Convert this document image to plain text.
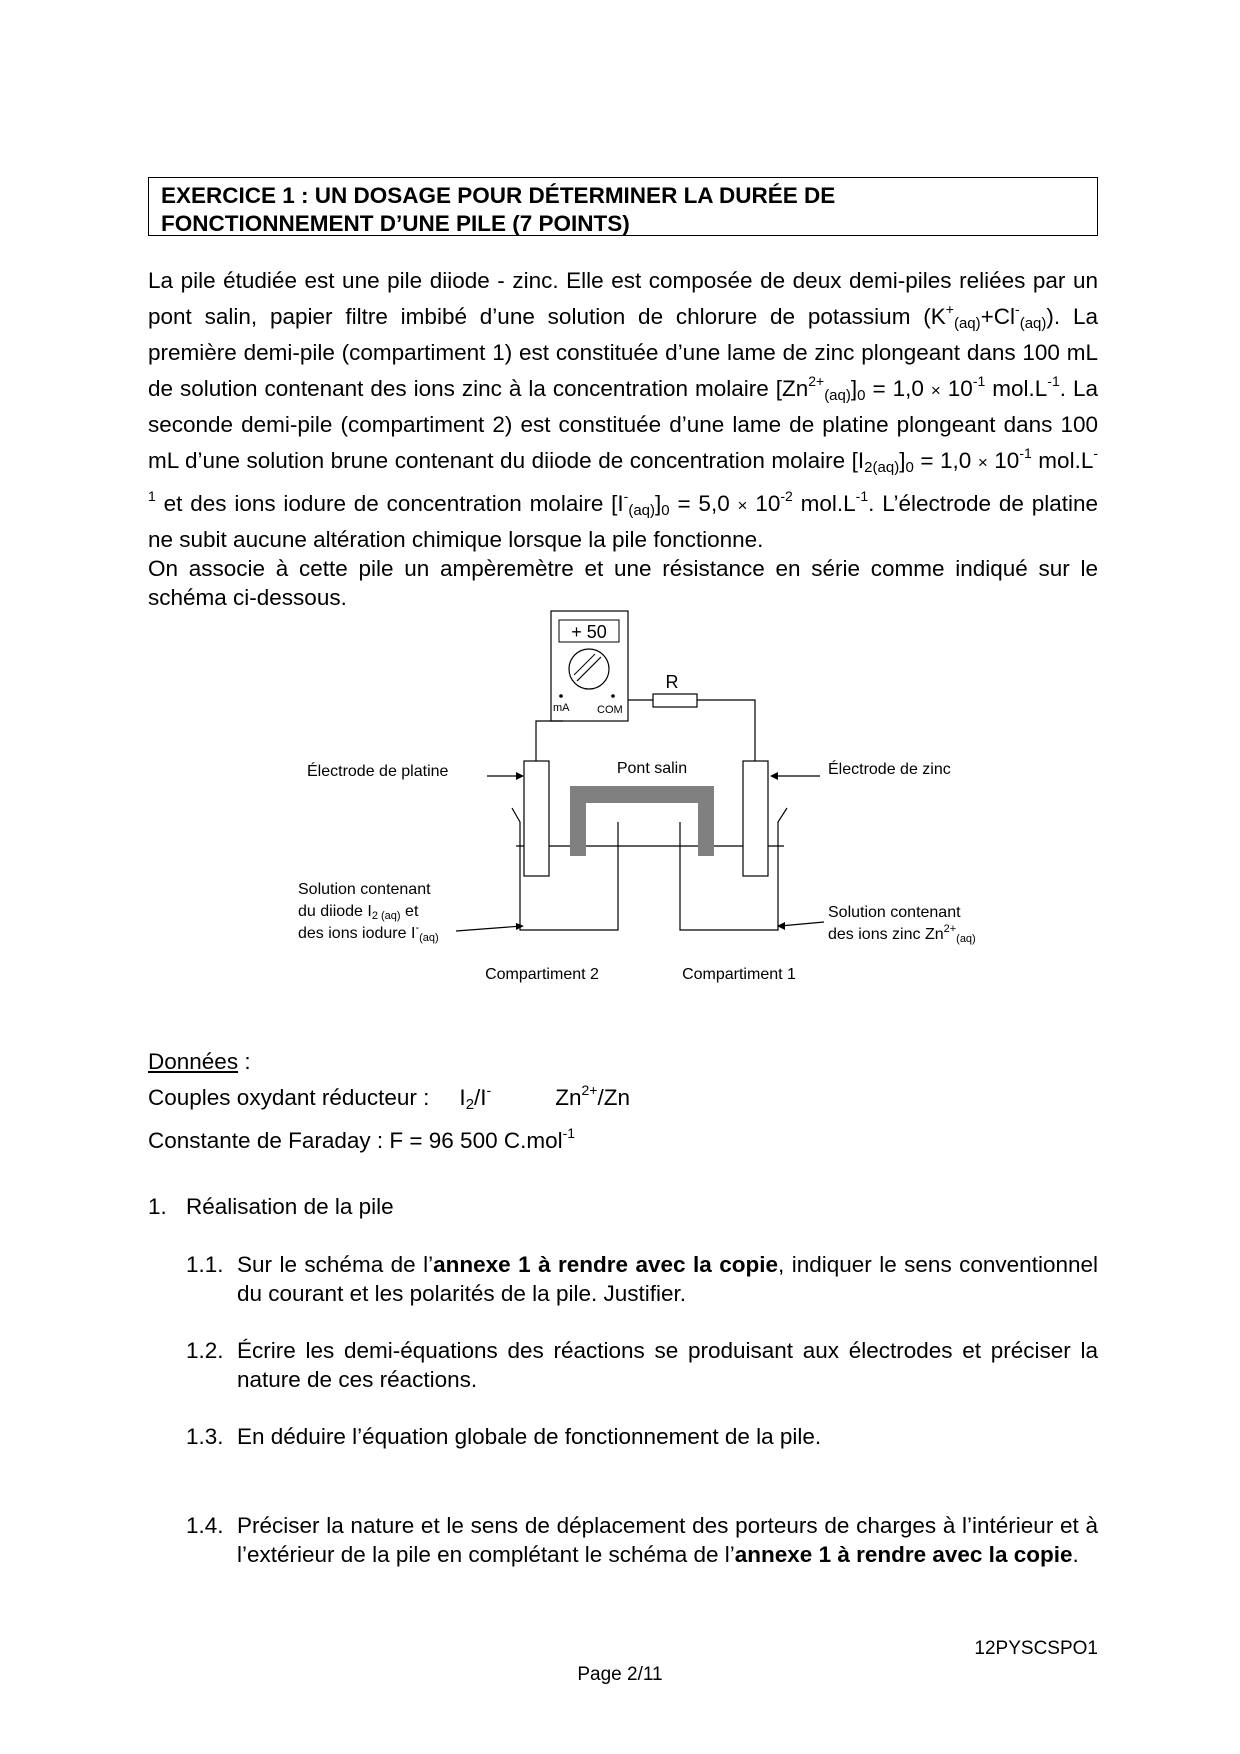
EXERCICE 1 : UN DOSAGE POUR DÉTERMINER LA DURÉE DE
FONCTIONNEMENT D’UNE PILE (7 POINTS)

La pile étudiée est une pile diiode - zinc. Elle est composée de deux demi-piles reliées par un pont salin, papier filtre imbibé d’une solution de chlorure de potassium $(K^+_{(aq)}+Cl^-_{(aq)})$. La première demi-pile (compartiment 1) est constituée d’une lame de zinc plongeant dans 100 mL de solution contenant des ions zinc à la concentration molaire $[Zn^{2+}_{(aq)}]_0 = 1,0 \times 10^{-1}$ $mol.L^{-1}$. La seconde demi-pile (compartiment 2) est constituée d’une lame de platine plongeant dans 100 mL d’une solution brune contenant du diiode de concentration molaire $[I_{2(aq)}]_0 = 1,0 \times 10^{-1}$ $mol.L^{-1}$ et des ions iodure de concentration molaire $[I^-_{(aq)}]_0 = 5,0 \times 10^{-2}$ $mol.L^{-1}$. L’électrode de platine ne subit aucune altération chimique lorsque la pile fonctionne.

On associe à cette pile un ampèremètre et une résistance en série comme indiqué sur le schéma ci-dessous.

+ 50
mA	COM
R
Pont salin
Électrode de platine	Électrode de zinc
Solution contenant
du diiode I2 (aq) et
des ions iodure $I^-_{(aq)}$
Solution contenant
des ions zinc $Zn^{2+}_{(aq)}$
Compartiment 2	Compartiment 1
Données :
Couples oxydant réducteur : $I_2/I^-$	$Zn^{2+}/Zn$
Constante de Faraday : F = 96 500 C.mol$^{-1}$
1. Réalisation de la pile
1.1. Sur le schéma de l’annexe 1 à rendre avec la copie, indiquer le sens conventionnel du courant et les polarités de la pile. Justifier.
1.2. Écrire les demi-équations des réactions se produisant aux électrodes et préciser la nature de ces réactions.
1.3. En déduire l’équation globale de fonctionnement de la pile.
1.4. Préciser la nature et le sens de déplacement des porteurs de charges à l’intérieur et à l’extérieur de la pile en complétant le schéma de l’annexe 1 à rendre avec la copie.
12PYSCSPO1
Page 2/11
